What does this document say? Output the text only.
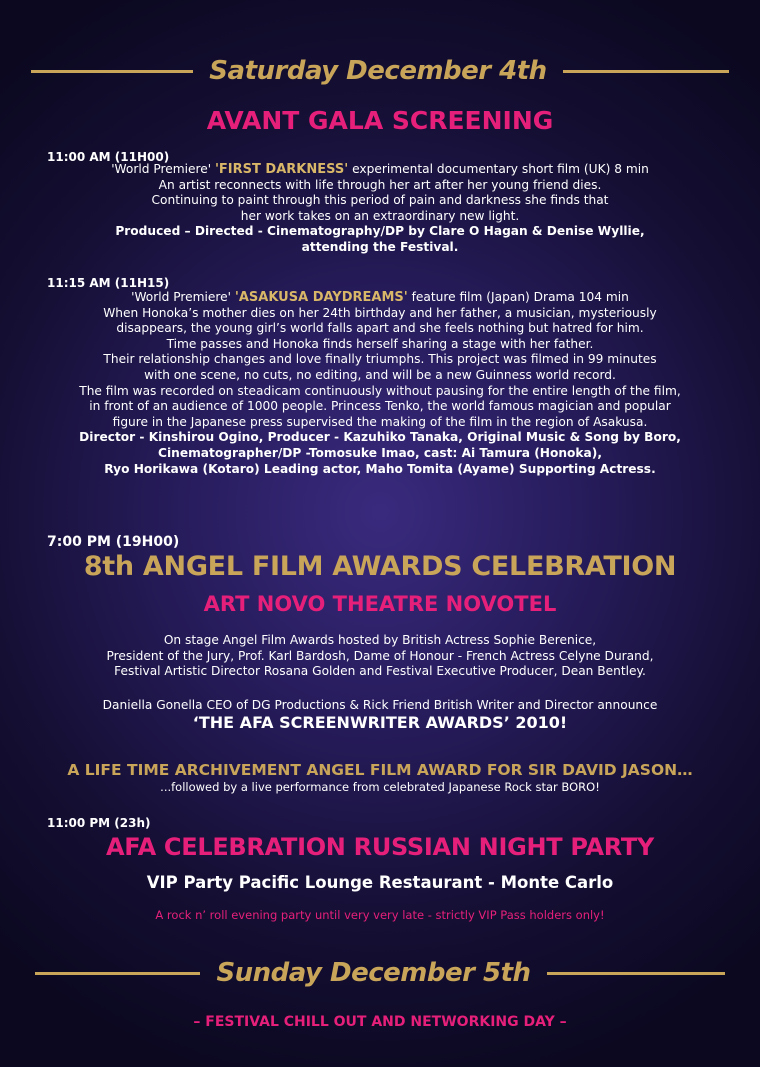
Saturday December 4th
AVANT GALA SCREENING
11:00 AM (11H00)
'World Premiere' 'FIRST DARKNESS' experimental documentary short film (UK) 8 min
An artist reconnects with life through her art after her young friend dies.
Continuing to paint through this period of pain and darkness she finds that
her work takes on an extraordinary new light.
Produced – Directed - Cinematography/DP by Clare O Hagan & Denise Wyllie,
attending the Festival.
11:15 AM (11H15)
'World Premiere' 'ASAKUSA DAYDREAMS' feature film (Japan) Drama 104 min
When Honoka’s mother dies on her 24th birthday and her father, a musician, mysteriously
disappears, the young girl’s world falls apart and she feels nothing but hatred for him.
Time passes and Honoka finds herself sharing a stage with her father.
Their relationship changes and love finally triumphs. This project was filmed in 99 minutes
with one scene, no cuts, no editing, and will be a new Guinness world record.
The film was recorded on steadicam continuously without pausing for the entire length of the film,
in front of an audience of 1000 people. Princess Tenko, the world famous magician and popular
figure in the Japanese press supervised the making of the film in the region of Asakusa.
Director - Kinshirou Ogino, Producer - Kazuhiko Tanaka, Original Music & Song by Boro,
Cinematographer/DP -Tomosuke Imao, cast: Ai Tamura (Honoka),
Ryo Horikawa (Kotaro) Leading actor, Maho Tomita (Ayame) Supporting Actress.
7:00 PM (19H00)
8th ANGEL FILM AWARDS CELEBRATION
ART NOVO THEATRE NOVOTEL
On stage Angel Film Awards hosted by British Actress Sophie Berenice,
President of the Jury, Prof. Karl Bardosh, Dame of Honour - French Actress Celyne Durand,
Festival Artistic Director Rosana Golden and Festival Executive Producer, Dean Bentley.
Daniella Gonella CEO of DG Productions & Rick Friend British Writer and Director announce
‘THE AFA SCREENWRITER AWARDS’ 2010!
A LIFE TIME ARCHIVEMENT ANGEL FILM AWARD FOR SIR DAVID JASON…
...followed by a live performance from celebrated Japanese Rock star BORO!
11:00 PM (23h)
AFA CELEBRATION RUSSIAN NIGHT PARTY
VIP Party Pacific Lounge Restaurant - Monte Carlo
A rock n’ roll evening party until very very late - strictly VIP Pass holders only!
Sunday December 5th
– FESTIVAL CHILL OUT AND NETWORKING DAY –
